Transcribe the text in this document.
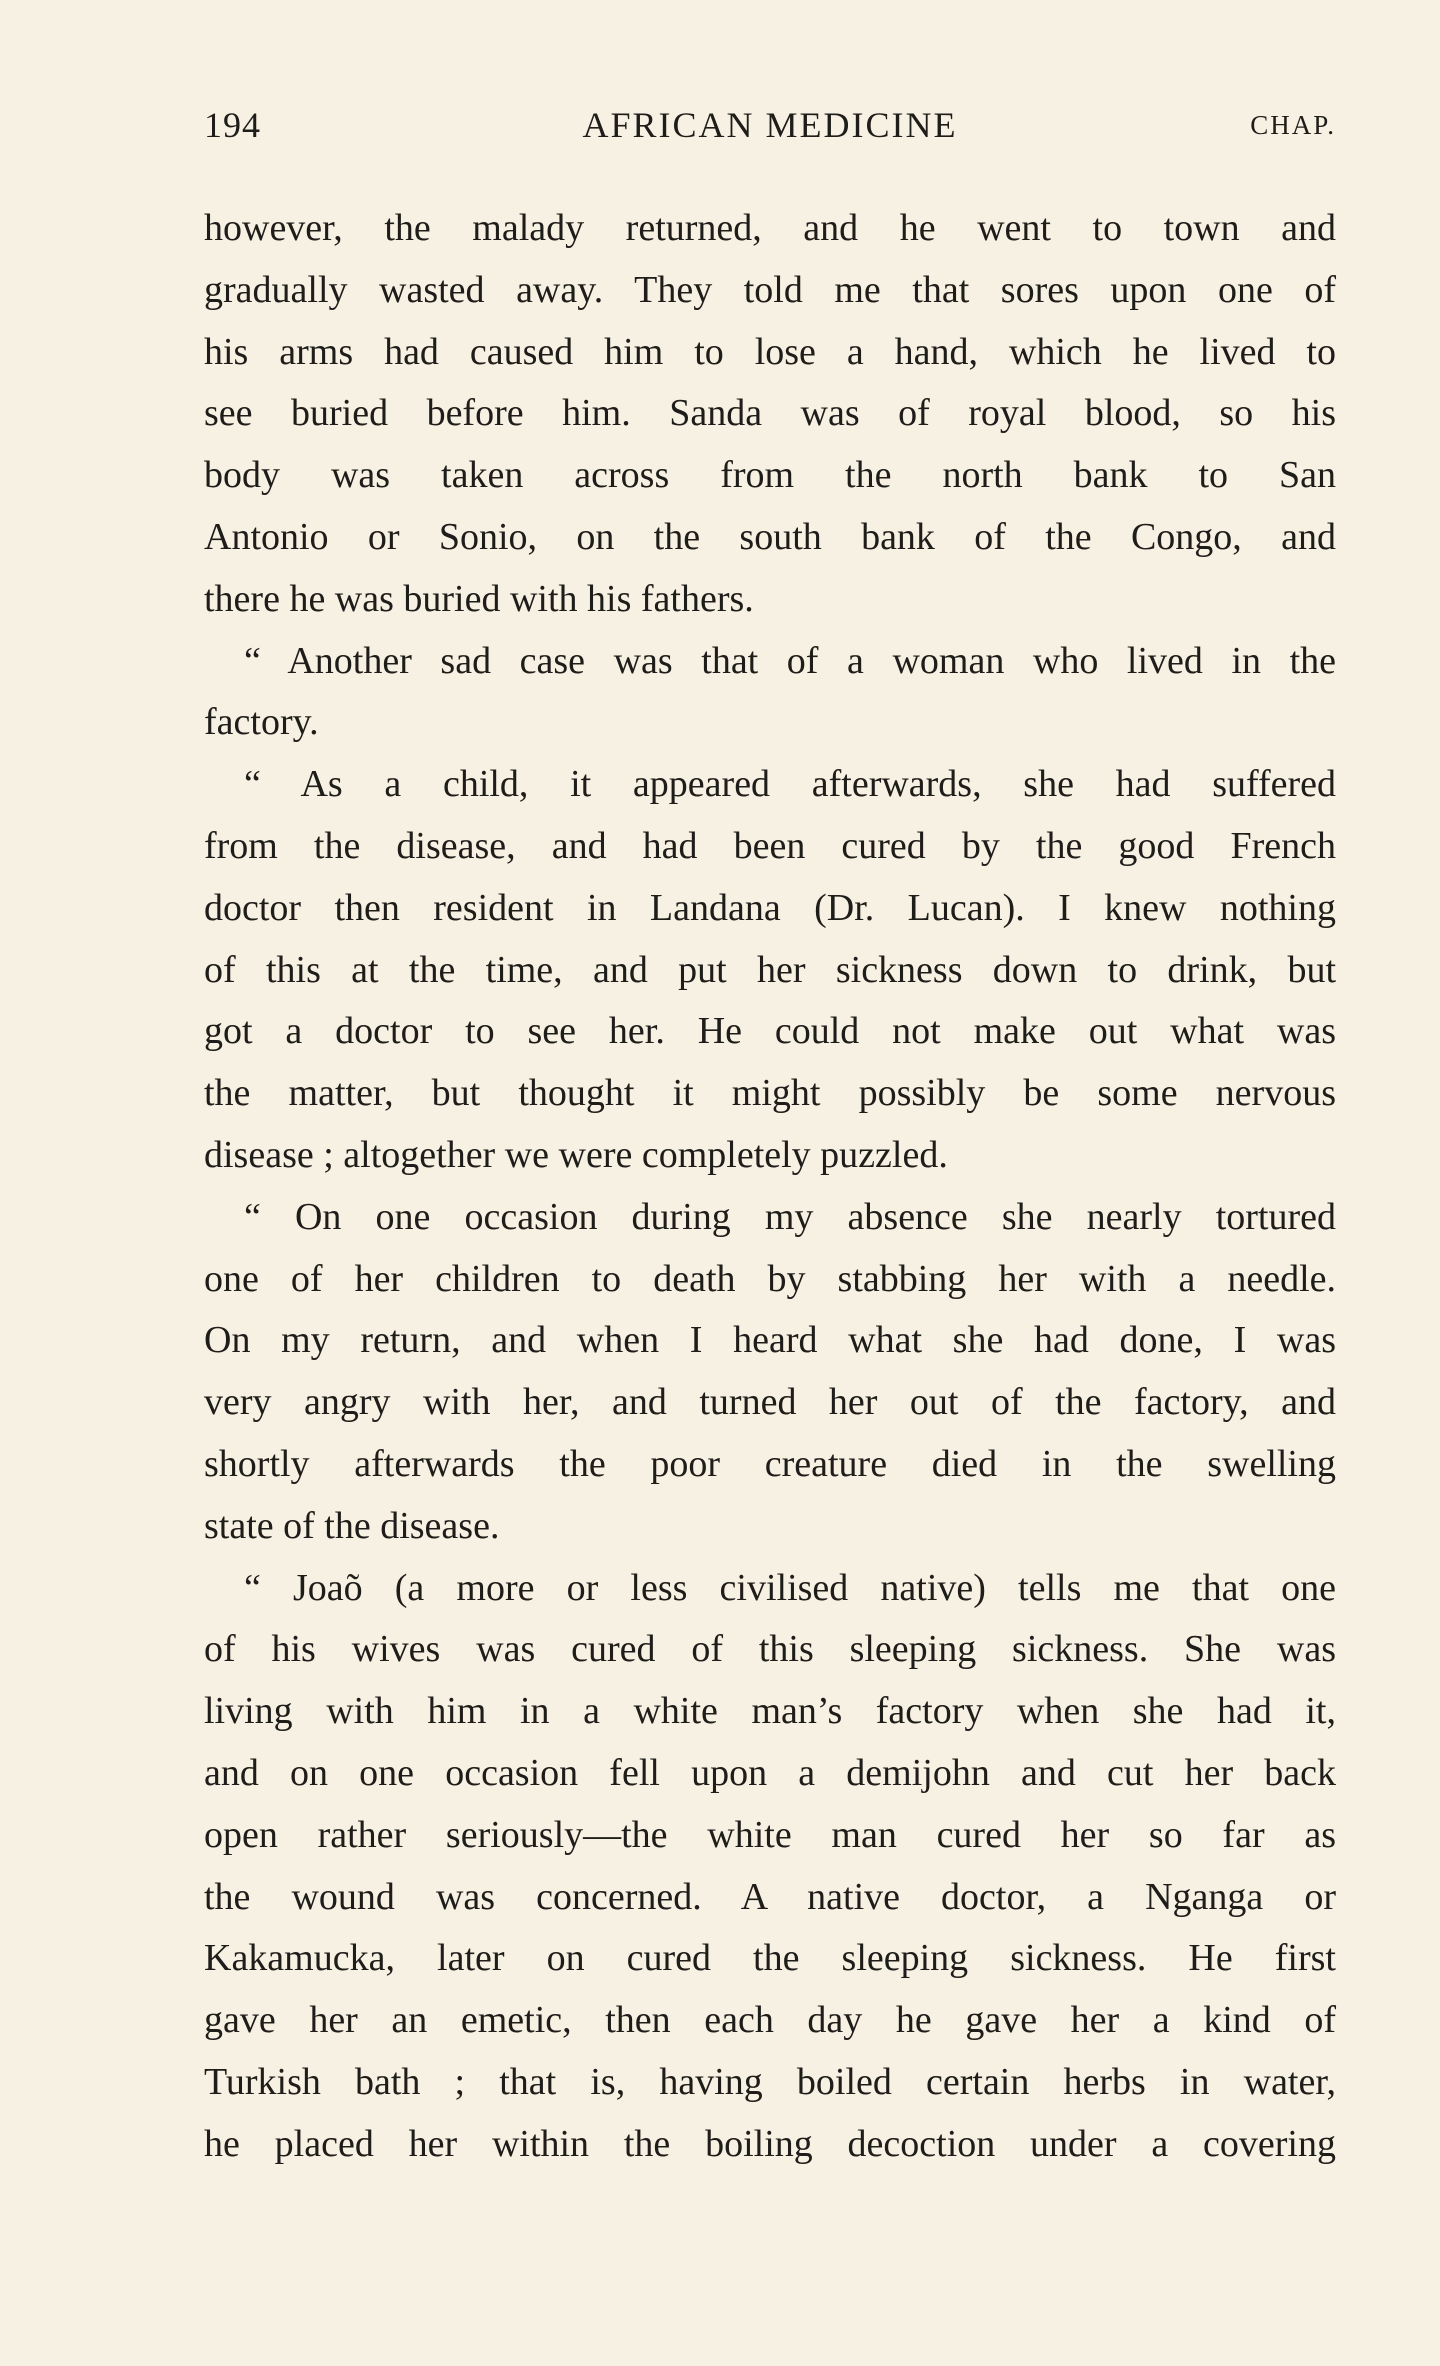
194	AFRICAN MEDICINE	CHAP.
however, the malady returned, and he went to town and
gradually wasted away. They told me that sores upon one of
his arms had caused him to lose a hand, which he lived to
see buried before him. Sanda was of royal blood, so his
body was taken across from the north bank to San
Antonio or Sonio, on the south bank of the Congo, and
there he was buried with his fathers.
“ Another sad case was that of a woman who lived in the
factory.
“ As a child, it appeared afterwards, she had suffered
from the disease, and had been cured by the good French
doctor then resident in Landana (Dr. Lucan). I knew nothing
of this at the time, and put her sickness down to drink, but
got a doctor to see her. He could not make out what was
the matter, but thought it might possibly be some nervous
disease ; altogether we were completely puzzled.
“ On one occasion during my absence she nearly tortured
one of her children to death by stabbing her with a needle.
On my return, and when I heard what she had done, I was
very angry with her, and turned her out of the factory, and
shortly afterwards the poor creature died in the swelling
state of the disease.
“ Joaõ (a more or less civilised native) tells me that one
of his wives was cured of this sleeping sickness. She was
living with him in a white man’s factory when she had it,
and on one occasion fell upon a demijohn and cut her back
open rather seriously—the white man cured her so far as
the wound was concerned. A native doctor, a Nganga or
Kakamucka, later on cured the sleeping sickness. He first
gave her an emetic, then each day he gave her a kind of
Turkish bath ; that is, having boiled certain herbs in water,
he placed her within the boiling decoction under a covering
